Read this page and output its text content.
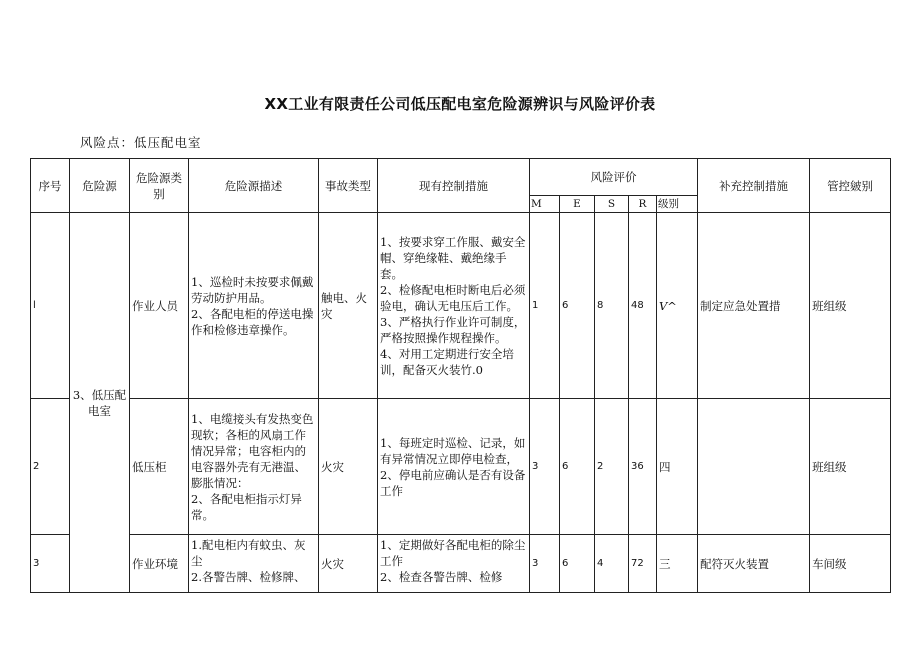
XX工业有限责任公司低压配电室危险源辨识与风险评价表
风险点：低压配电室
序号	危险源	危险源类别	危险源描述	事故类型	现有控制措施	风险评价					补充控制措施	管控皴别
						M	E	S	R	级别		
l	3、低压配电室	作业人员	1、巡检时未按要求佩戴劳动防护用品。
2、各配电柜的停送电操作和检修违章操作。	触电、火灾	1、按要求穿工作服、戴安全帽、穿绝缘鞋、戴绝缘手套。
2、检修配电柜时断电后必须验电，确认无电压后工作。
3、严格执行作业许可制度，严格按照操作规程操作。
4、对用工定期进行安全培训，配备灭火装竹.0	1	6	8	48	V^	制定应急处置措	班组级
2		低压柜	1、电缆接头有发热变色现软；各柜的风扇工作情况异常；电容柜内的电容器外壳有无港温、膨胀情况：
2、各配电柜指示灯异常。	火灾	1、每班定时巡检、记录，如有异常情况立即停电检查，
2、停电前应确认是否有设备工作	3	6	2	36	四		班组级
3		作业环境	1.配电柜内有蚊虫、灰尘
2.各警告牌、检修牌、	火灾	1、定期做好各配电柜的除尘工作
2、检查各警告牌、检修	3	6	4	72	三	配符灭火装置	车间级
